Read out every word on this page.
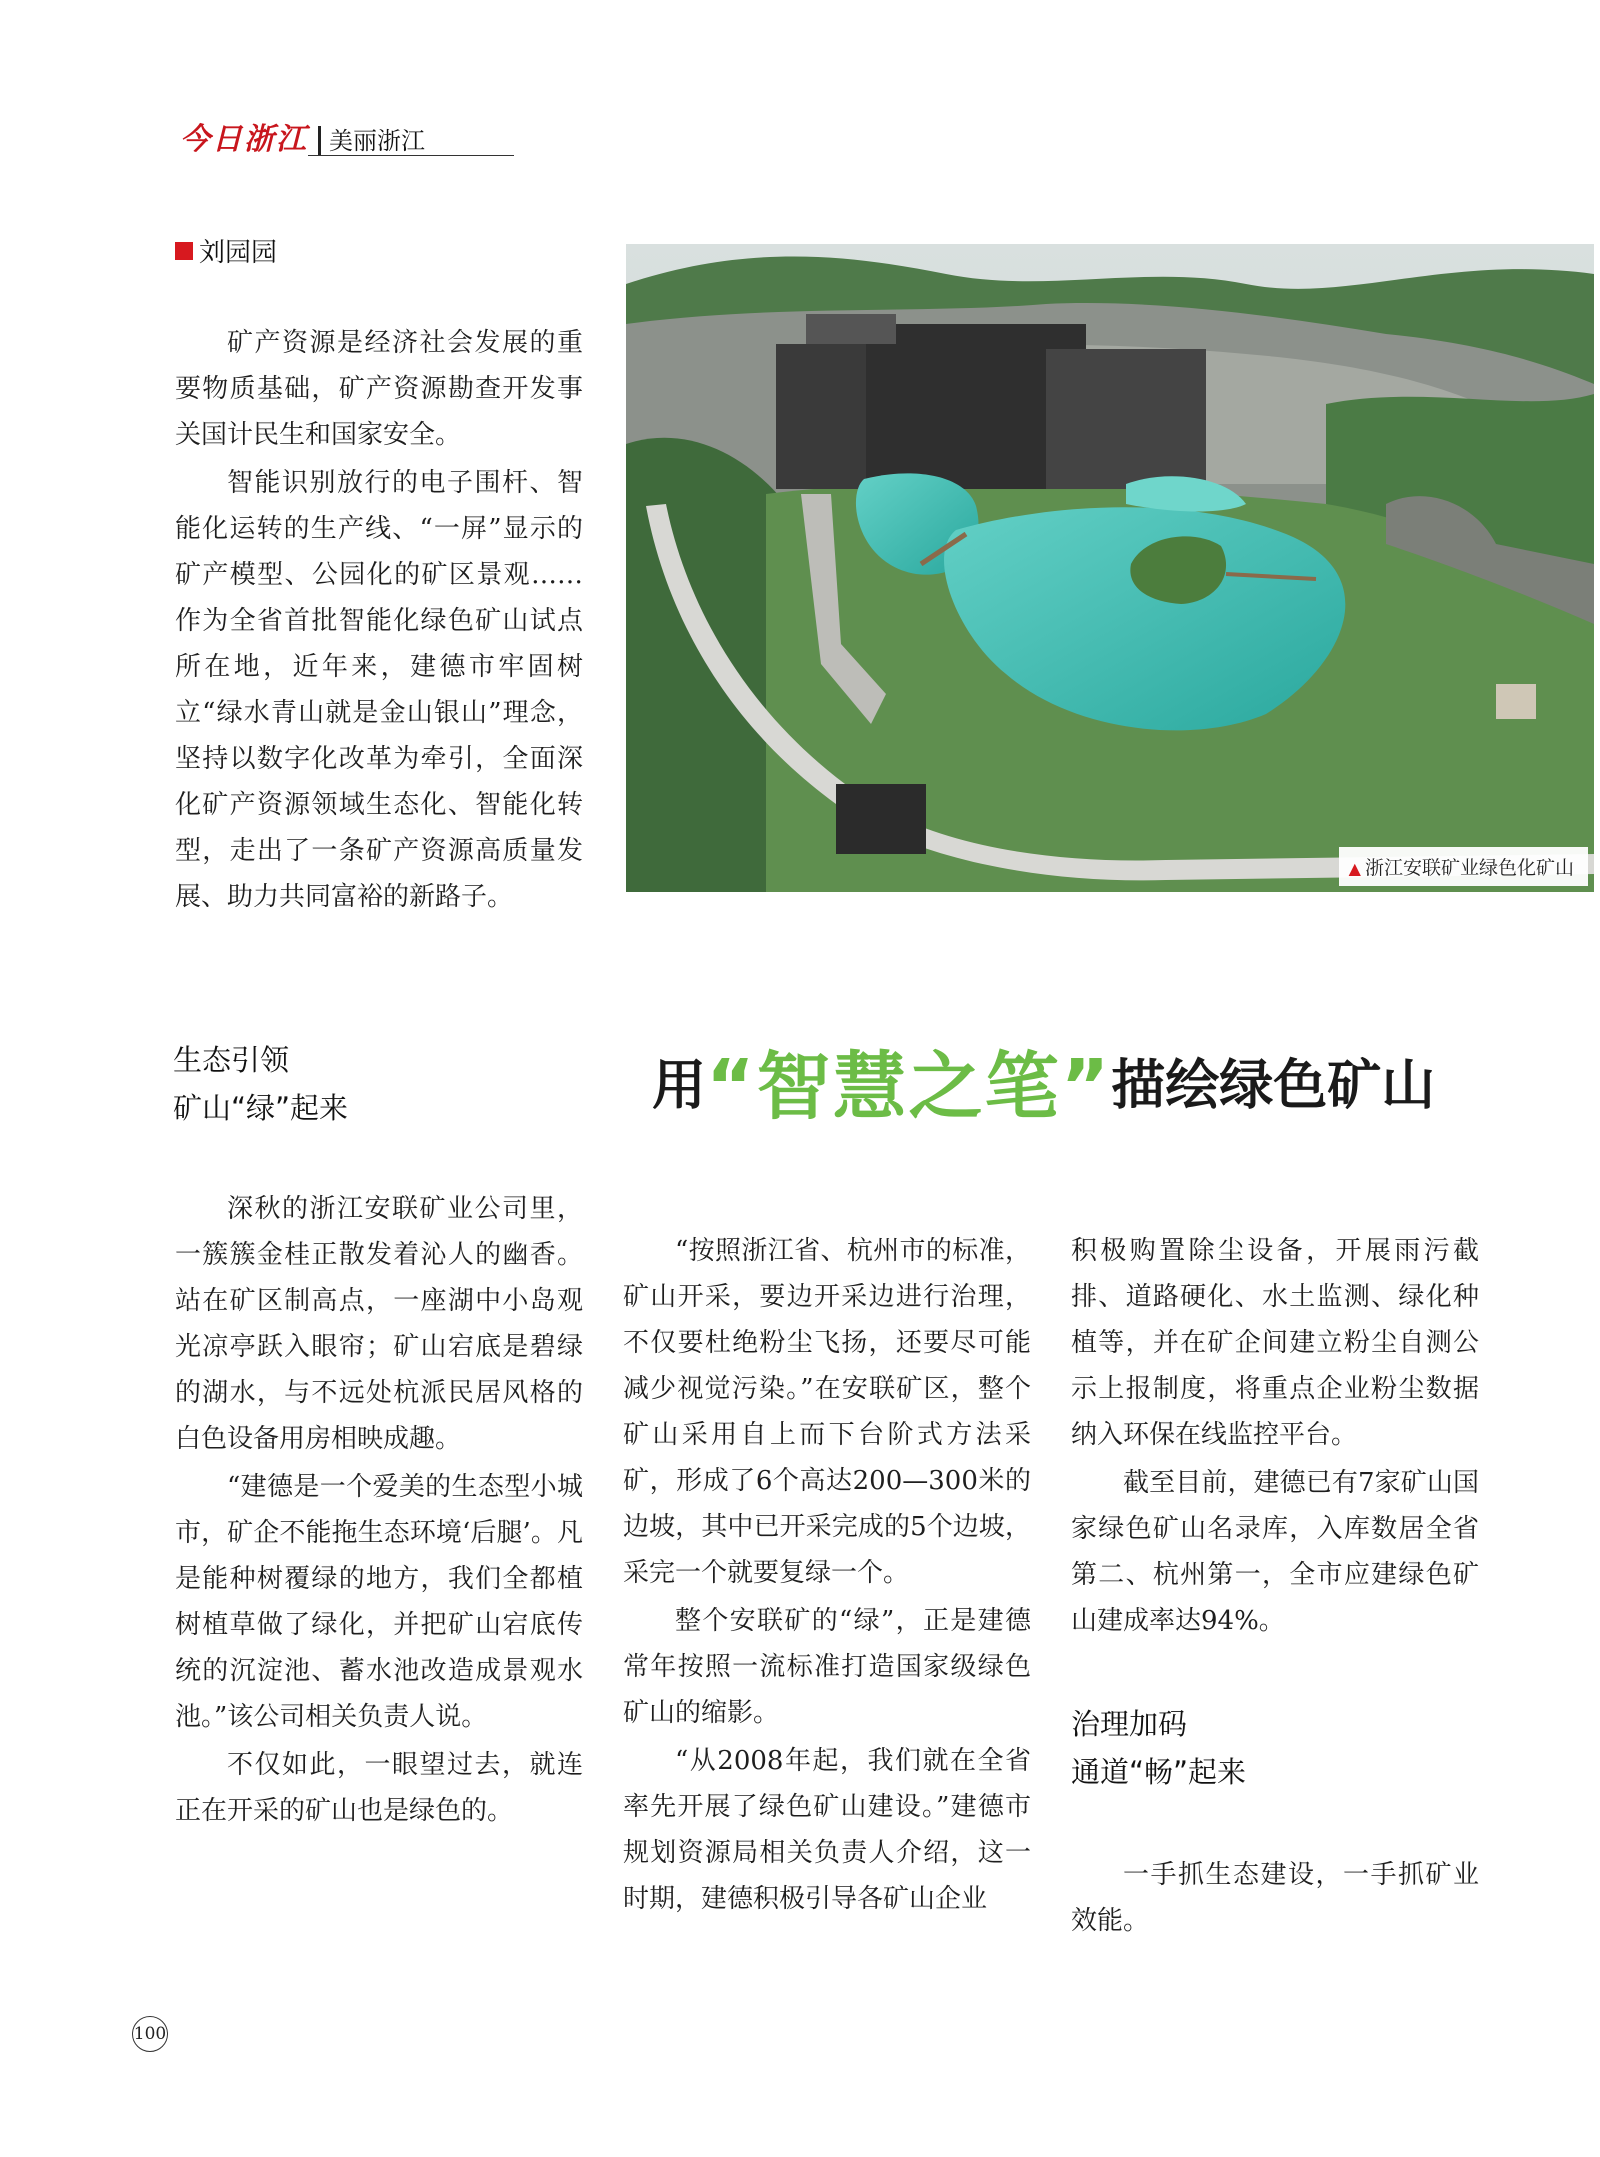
今日浙江 美丽浙江
刘园园

矿产资源是经济社会发展的重要物质基础，矿产资源勘查开发事关国计民生和国家安全。

智能识别放行的电子围杆、智能化运转的生产线、“一屏”显示的矿产模型、公园化的矿区景观……作为全省首批智能化绿色矿山试点所在地，近年来，建德市牢固树立“绿水青山就是金山银山”理念，坚持以数字化改革为牵引，全面深化矿产资源领域生态化、智能化转型，走出了一条矿产资源高质量发展、助力共同富裕的新路子。

▲ 浙江安联矿业绿色化矿山
用“智慧之笔”描绘绿色矿山
生态引领
矿山“绿”起来

深秋的浙江安联矿业公司里，一簇簇金桂正散发着沁人的幽香。站在矿区制高点，一座湖中小岛观光凉亭跃入眼帘；矿山宕底是碧绿的湖水，与不远处杭派民居风格的白色设备用房相映成趣。

“建德是一个爱美的生态型小城市，矿企不能拖生态环境‘后腿’。凡是能种树覆绿的地方，我们全都植树植草做了绿化，并把矿山宕底传统的沉淀池、蓄水池改造成景观水池。”该公司相关负责人说。

不仅如此，一眼望过去，就连正在开采的矿山也是绿色的。

“按照浙江省、杭州市的标准，矿山开采，要边开采边进行治理，不仅要杜绝粉尘飞扬，还要尽可能减少视觉污染。”在安联矿区，整个矿山采用自上而下台阶式方法采矿，形成了6个高达200—300米的边坡，其中已开采完成的5个边坡，采完一个就要复绿一个。

整个安联矿的“绿”，正是建德常年按照一流标准打造国家级绿色矿山的缩影。

“从2008年起，我们就在全省率先开展了绿色矿山建设。”建德市规划资源局相关负责人介绍，这一时期，建德积极引导各矿山企业

积极购置除尘设备，开展雨污截排、道路硬化、水土监测、绿化种植等，并在矿企间建立粉尘自测公示上报制度，将重点企业粉尘数据纳入环保在线监控平台。

截至目前，建德已有7家矿山国家绿色矿山名录库，入库数居全省第二、杭州第一，全市应建绿色矿山建成率达94%。

治理加码
通道“畅”起来

一手抓生态建设，一手抓矿业效能。

100
